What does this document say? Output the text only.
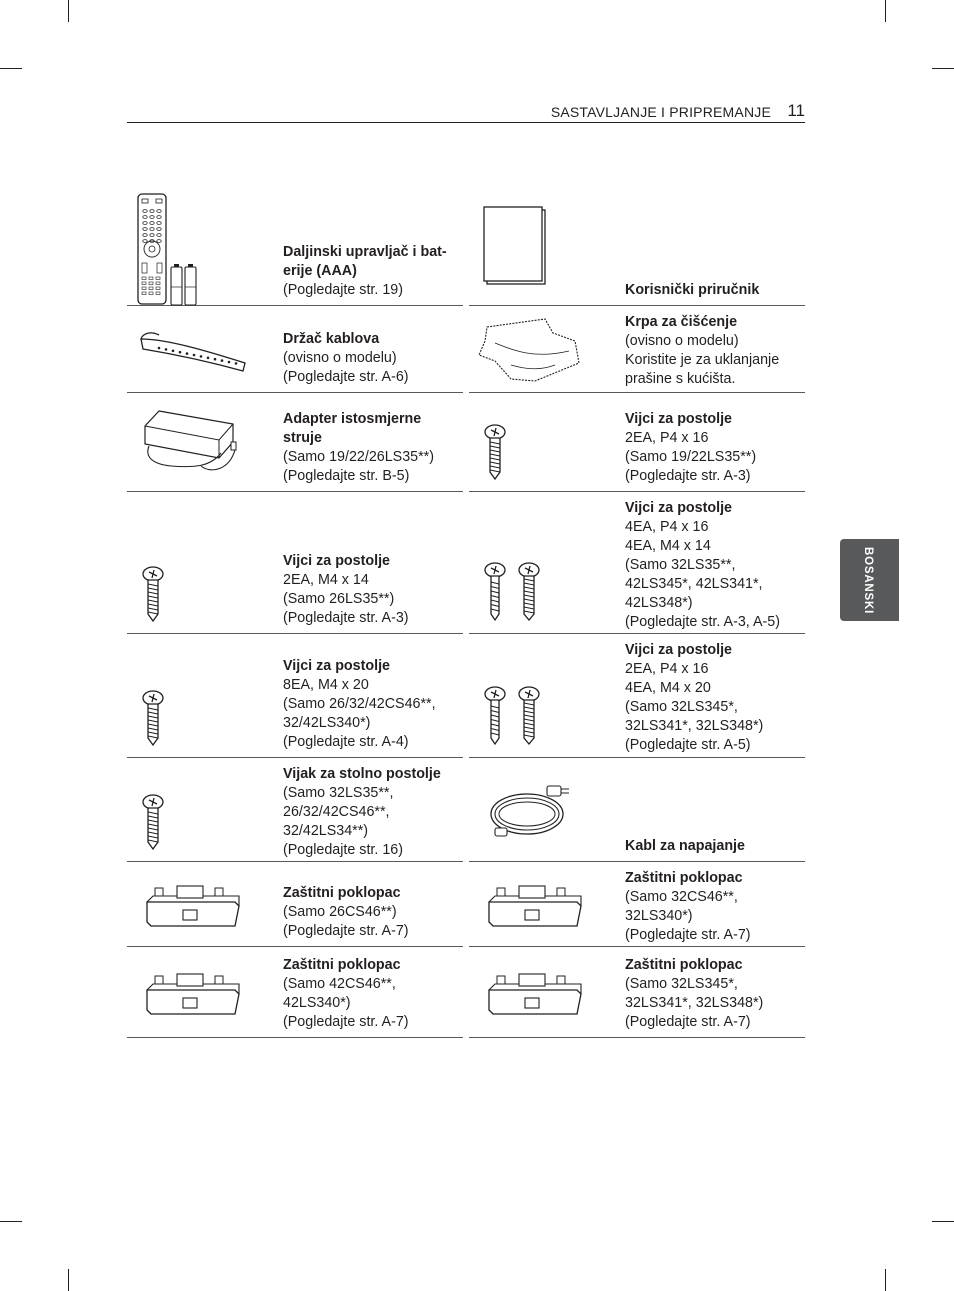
SASTAVLJANJE I PRIPREMANJE 11
BOSANSKI
Daljinski upravljač i bat-
erije (AAA)
(Pogledajte str. 19)
Držač kablova
(ovisno o modelu)
(Pogledajte str. A-6)
Adapter istosmjerne
struje
(Samo 19/22/26LS35**)
(Pogledajte str. B-5)
Vijci za postolje
2EA, M4 x 14
(Samo 26LS35**)
(Pogledajte str. A-3)
Vijci za postolje
8EA, M4 x 20
(Samo 26/32/42CS46**,
32/42LS340*)
(Pogledajte str. A-4)
Vijak za stolno postolje
(Samo 32LS35**,
26/32/42CS46**,
32/42LS34**)
(Pogledajte str. 16)
Zaštitni poklopac
(Samo 26CS46**)
(Pogledajte str. A-7)
Zaštitni poklopac
(Samo 42CS46**,
42LS340*)
(Pogledajte str. A-7)
Korisnički priručnik
Krpa za čišćenje
(ovisno o modelu)
Koristite je za uklanjanje
prašine s kućišta.
Vijci za postolje
2EA, P4 x 16
(Samo 19/22LS35**)
(Pogledajte str. A-3)
Vijci za postolje
4EA, P4 x 16
4EA, M4 x 14
(Samo 32LS35**,
42LS345*, 42LS341*,
42LS348*)
(Pogledajte str. A-3, A-5)
Vijci za postolje
2EA, P4 x 16
4EA, M4 x 20
(Samo 32LS345*,
32LS341*, 32LS348*)
(Pogledajte str. A-5)
Kabl za napajanje
Zaštitni poklopac
(Samo 32CS46**,
32LS340*)
(Pogledajte str. A-7)
Zaštitni poklopac
(Samo 32LS345*,
32LS341*, 32LS348*)
(Pogledajte str. A-7)
